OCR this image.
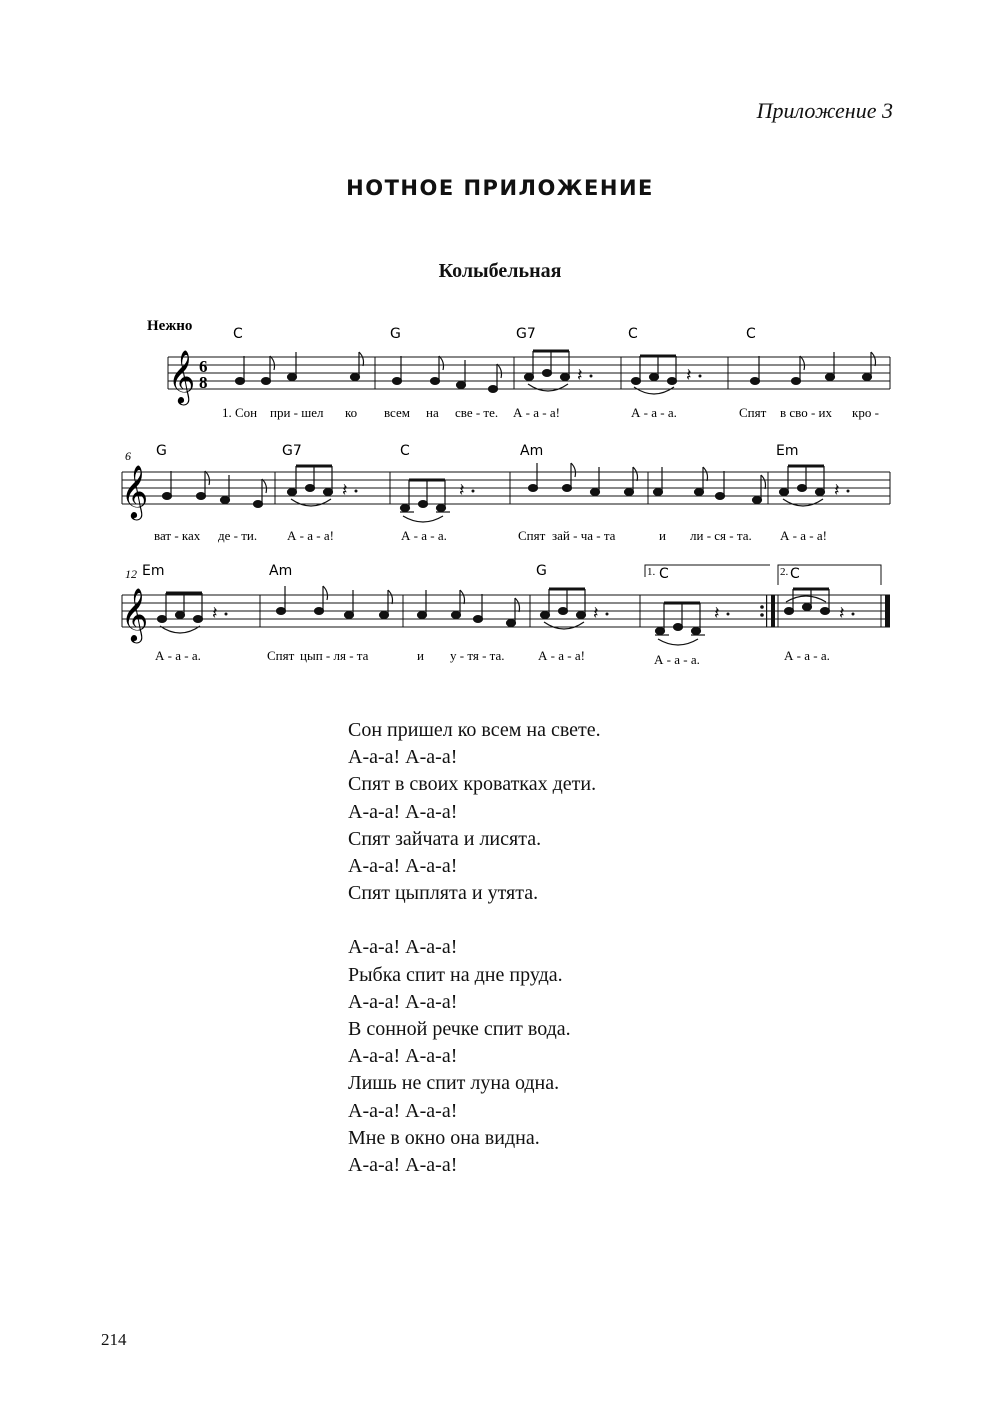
Приложение 3
НОТНОЕ ПРИЛОЖЕНИЕ
Колыбельная
Нежно
𝄞 6
8
C	G	G7	C	C
𝄽	𝄽
1. Сон при - шел ко всем на све - те. А - а - а!	А - а - а.	Спят в сво - их кро -
6
𝄞
G	G7	C	Am	Em
𝄽	𝄽	𝄽
ват - ках де - ти. А - а - а!	А - а - а.	Спят зай - ча - та	и ли - ся - та. А - а - а!
12
𝄞
Em	Am	G	1. C	2. C
𝄽	𝄽	𝄽	𝄽
А - а - а.	Спят цып - ля - та	и у - тя - та.	А - а - а!	А - а - а.	А - а - а.
Сон пришел ко всем на свете.
А-а-а! А-а-а!
Спят в своих кроватках дети.
А-а-а! А-а-а!
Спят зайчата и лисята.
А-а-а! А-а-а!
Спят цыплята и утята.
А-а-а! А-а-а!
Рыбка спит на дне пруда.
А-а-а! А-а-а!
В сонной речке спит вода.
А-а-а! А-а-а!
Лишь не спит луна одна.
А-а-а! А-а-а!
Мне в окно она видна.
А-а-а! А-а-а!
214
